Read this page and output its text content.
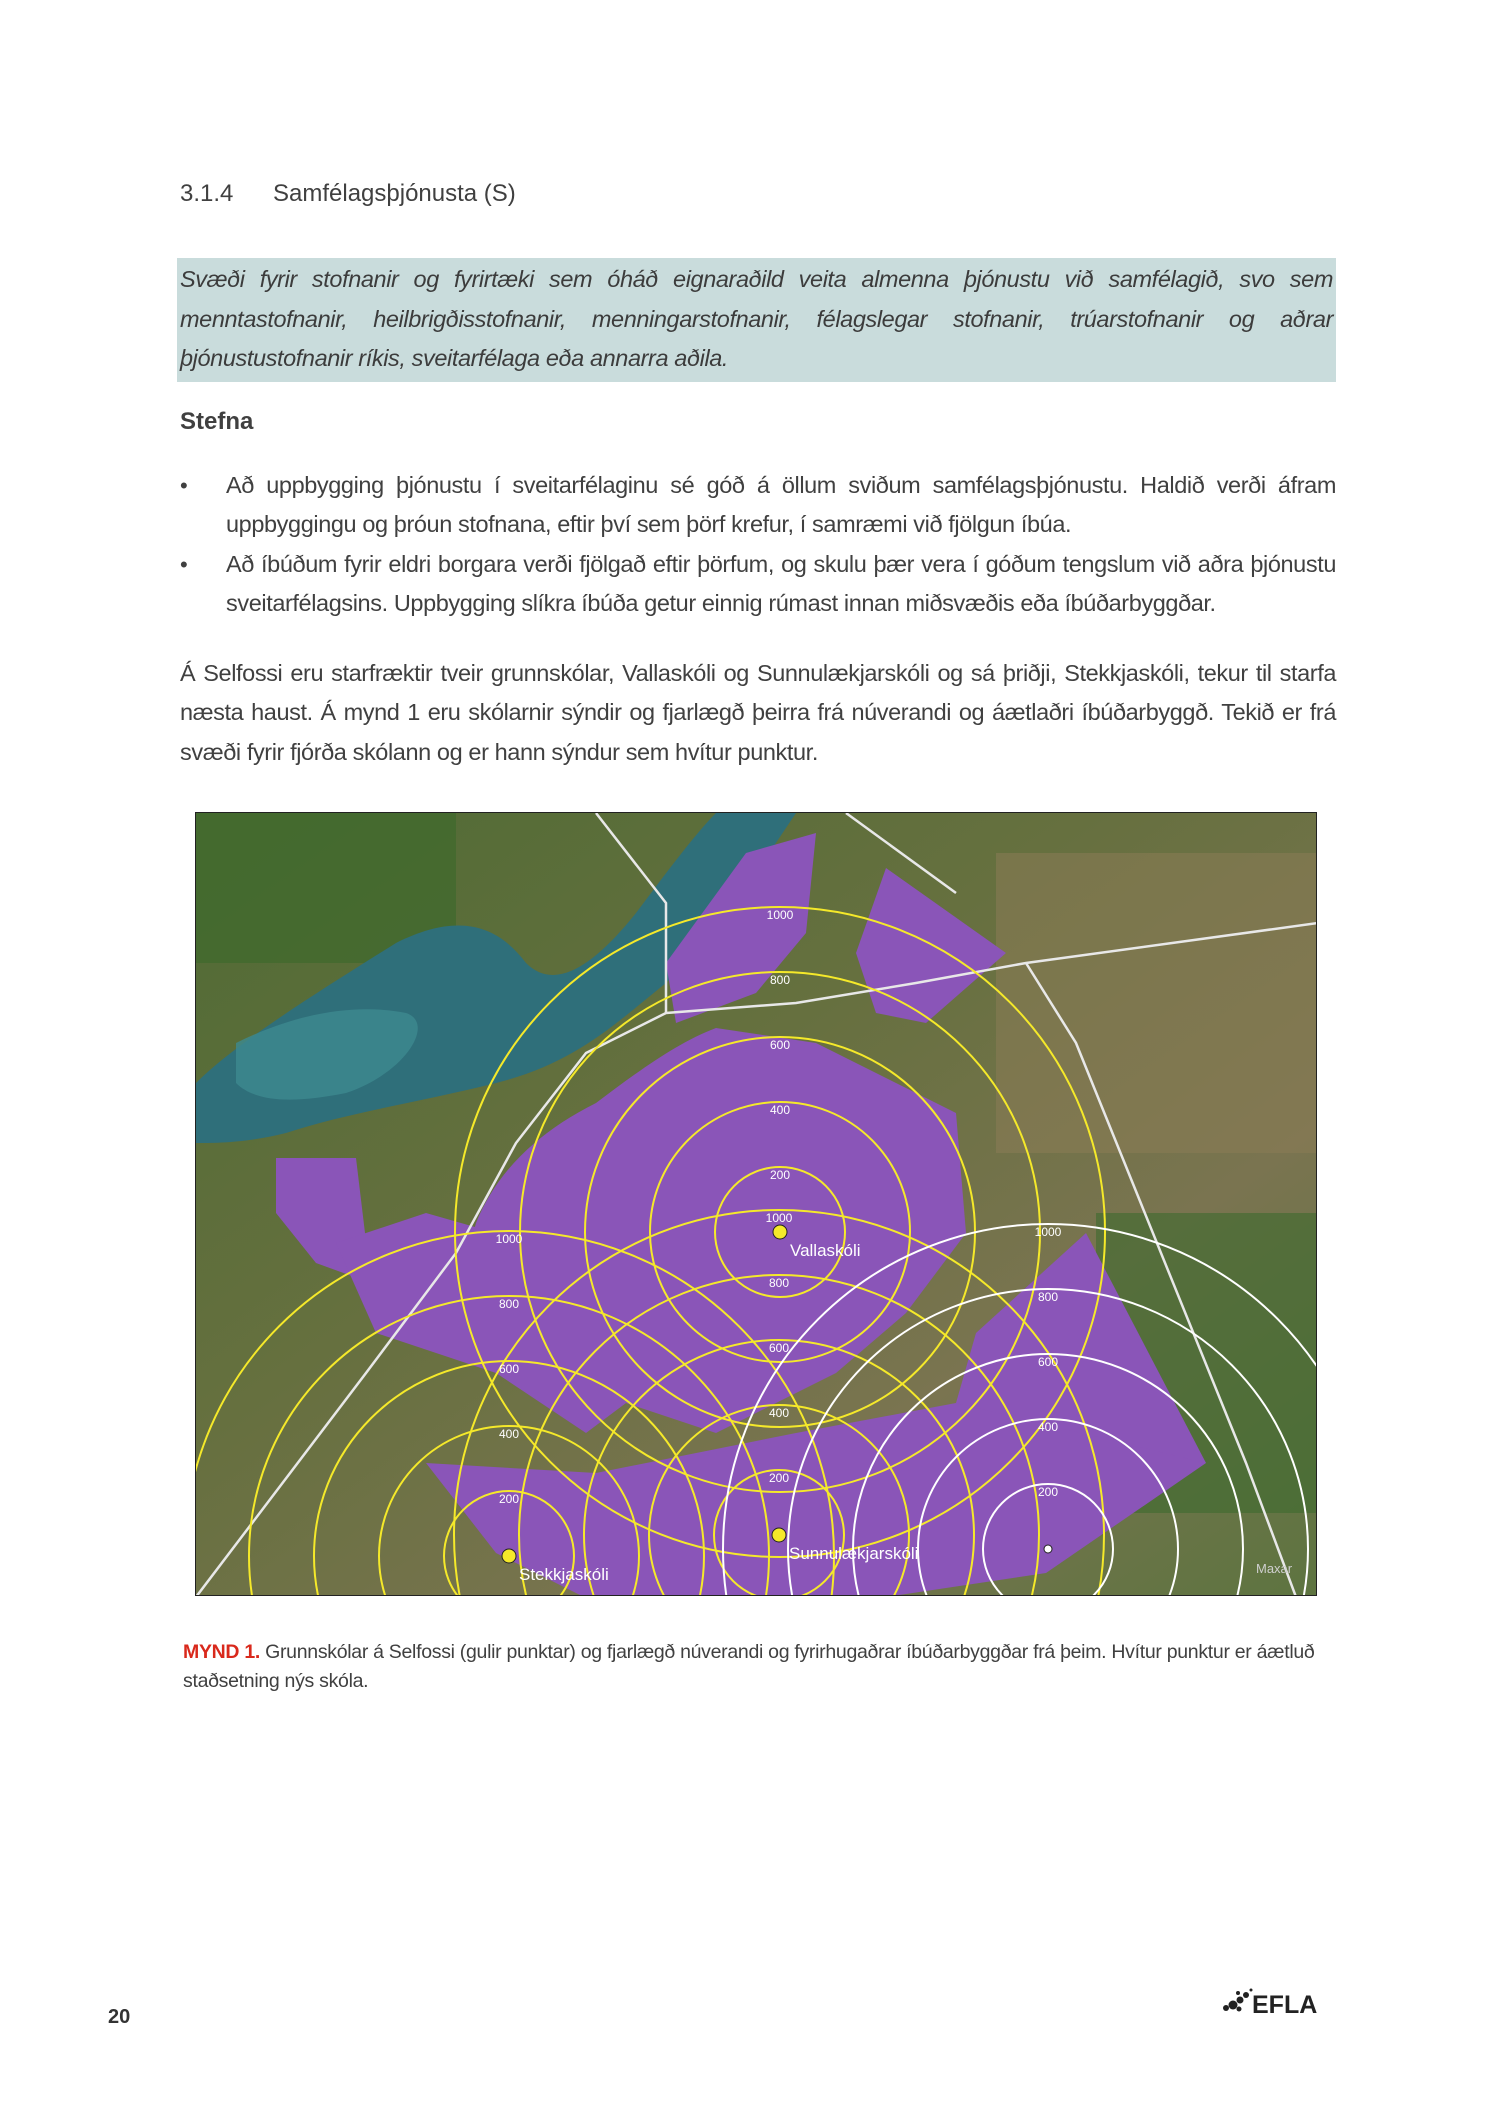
3.1.4 Samfélagsþjónusta (S)
Svæði fyrir stofnanir og fyrirtæki sem óháð eignaraðild veita almenna þjónustu við samfélagið, svo sem menntastofnanir, heilbrigðisstofnanir, menningarstofnanir, félagslegar stofnanir, trúarstofnanir og aðrar þjónustustofnanir ríkis, sveitarfélaga eða annarra aðila.
Stefna
• Að uppbygging þjónustu í sveitarfélaginu sé góð á öllum sviðum samfélagsþjónustu. Haldið verði áfram uppbyggingu og þróun stofnana, eftir því sem þörf krefur, í samræmi við fjölgun íbúa.
• Að íbúðum fyrir eldri borgara verði fjölgað eftir þörfum, og skulu þær vera í góðum tengslum við aðra þjónustu sveitarfélagsins. Uppbygging slíkra íbúða getur einnig rúmast innan miðsvæðis eða íbúðarbyggðar.
Á Selfossi eru starfræktir tveir grunnskólar, Vallaskóli og Sunnulækjarskóli og sá þriðji, Stekkjaskóli, tekur til starfa næsta haust. Á mynd 1 eru skólarnir sýndir og fjarlægð þeirra frá núverandi og áætlaðri íbúðarbyggð. Tekið er frá svæði fyrir fjórða skólann og er hann sýndur sem hvítur punktur.
200
400
600
800
1000
200
400
600
800
1000
200
400
600
800
1000
200
400
600
800
1000
Vallaskóli
Sunnulækjarskóli
Stekkjaskóli	Maxar
MYND 1. Grunnskólar á Selfossi (gulir punktar) og fjarlægð núverandi og fyrirhugaðrar íbúðarbyggðar frá þeim. Hvítur punktur er áætluð staðsetning nýs skóla.
20	EFLA
